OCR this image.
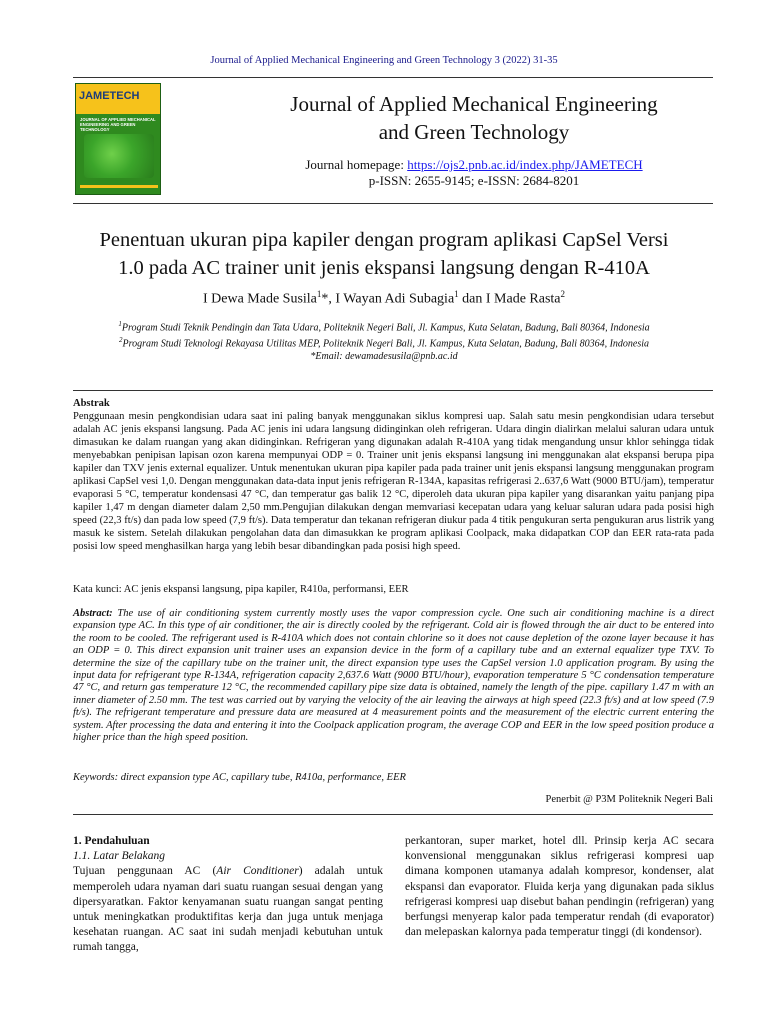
Journal of Applied Mechanical Engineering and Green Technology 3 (2022) 31-35
JAMETECH
JOURNAL OF APPLIED MECHANICAL ENGINEERING AND GREEN TECHNOLOGY
Journal of Applied Mechanical Engineering
and Green Technology
Journal homepage: https://ojs2.pnb.ac.id/index.php/JAMETECH
p-ISSN: 2655-9145; e-ISSN: 2684-8201
Penentuan ukuran pipa kapiler dengan program aplikasi CapSel Versi
1.0 pada AC trainer unit jenis ekspansi langsung dengan R-410A
I Dewa Made Susila$^1$*, I Wayan Adi Subagia$^1$ dan I Made Rasta$^2$
$^1$Program Studi Teknik Pendingin dan Tata Udara, Politeknik Negeri Bali, Jl. Kampus, Kuta Selatan, Badung, Bali 80364, Indonesia
$^2$Program Studi Teknologi Rekayasa Utilitas MEP, Politeknik Negeri Bali, Jl. Kampus, Kuta Selatan, Badung, Bali 80364, Indonesia
*Email: dewamadesusila@pnb.ac.id
Abstrak
Penggunaan mesin pengkondisian udara saat ini paling banyak menggunakan siklus kompresi uap. Salah satu mesin pengkondisian udara tersebut adalah AC jenis ekspansi langsung. Pada AC jenis ini udara langsung didinginkan oleh refrigeran. Udara dingin dialirkan melalui saluran udara untuk dimasukan ke dalam ruangan yang akan didinginkan. Refrigeran yang digunakan adalah R-410A yang tidak mengandung unsur khlor sehingga tidak menyebabkan penipisan lapisan ozon karena mempunyai ODP = 0. Trainer unit jenis ekspansi langsung ini menggunakan alat ekspansi berupa pipa kapiler dan TXV jenis external equalizer. Untuk menentukan ukuran pipa kapiler pada pada trainer unit jenis ekspansi langsung menggunakan program aplikasi CapSel vesi 1,0. Dengan menggunakan data-data input jenis refrigeran R-134A, kapasitas refrigerasi 2..637,6 Watt (9000 BTU/jam), temperatur evaporasi 5 °C, temperatur kondensasi 47 °C, dan temperatur gas balik 12 °C, diperoleh data ukuran pipa kapiler yang disarankan yaitu panjang pipa kapiler 1,47 m dengan diameter dalam 2,50 mm.Pengujian dilakukan dengan memvariasi kecepatan udara yang keluar saluran udara pada posisi high speed (22,3 ft/s) dan pada low speed (7,9 ft/s). Data temperatur dan tekanan refrigeran diukur pada 4 titik pengukuran serta pengukuran arus listrik yang masuk ke sistem. Setelah dilakukan pengolahan data dan dimasukkan ke program aplikasi Coolpack, maka didapatkan COP dan EER rata-rata pada posisi low speed menghasilkan harga yang lebih besar dibandingkan pada posisi high speed.
Kata kunci: AC jenis ekspansi langsung, pipa kapiler, R410a, performansi, EER
Abstract: The use of air conditioning system currently mostly uses the vapor compression cycle. One such air conditioning machine is a direct expansion type AC. In this type of air conditioner, the air is directly cooled by the refrigerant. Cold air is flowed through the air duct to be entered into the room to be cooled. The refrigerant used is R-410A which does not contain chlorine so it does not cause depletion of the ozone layer because it has an ODP = 0. This direct expansion unit trainer uses an expansion device in the form of a capillary tube and an external equalizer type TXV. To determine the size of the capillary tube on the trainer unit, the direct expansion type uses the CapSel version 1.0 application program. By using the input data for refrigerant type R-134A, refrigeration capacity 2,637.6 Watt (9000 BTU/hour), evaporation temperature 5 °C condensation temperature 47 °C, and return gas temperature 12 °C, the recommended capillary pipe size data is obtained, namely the length of the pipe. capillary 1.47 m with an inner diameter of 2.50 mm. The test was carried out by varying the velocity of the air leaving the airways at high speed (22.3 ft/s) and at low speed (7.9 ft/s). The refrigerant temperature and pressure data are measured at 4 measurement points and the measurement of the electric current entering the system. After processing the data and entering it into the Coolpack application program, the average COP and EER in the low speed position produce a higher price than the high speed position.
Keywords: direct expansion type AC, capillary tube, R410a, performance, EER
Penerbit @ P3M Politeknik Negeri Bali
1. Pendahuluan
1.1. Latar Belakang
Tujuan penggunaan AC (Air Conditioner) adalah untuk memperoleh udara nyaman dari suatu ruangan sesuai dengan yang dipersyaratkan. Faktor kenyamanan suatu ruangan sangat penting untuk meningkatkan produktifitas kerja dan juga untuk menjaga kesehatan ruangan. AC saat ini sudah menjadi kebutuhan untuk rumah tangga,
perkantoran, super market, hotel dll. Prinsip kerja AC secara konvensional menggunakan siklus refrigerasi kompresi uap dimana komponen utamanya adalah kompresor, kondenser, alat ekspansi dan evaporator. Fluida kerja yang digunakan pada siklus refrigerasi kompresi uap disebut bahan pendingin (refrigeran) yang berfungsi menyerap kalor pada temperatur rendah (di evaporator) dan melepaskan kalornya pada temperatur tinggi (di kondensor).
